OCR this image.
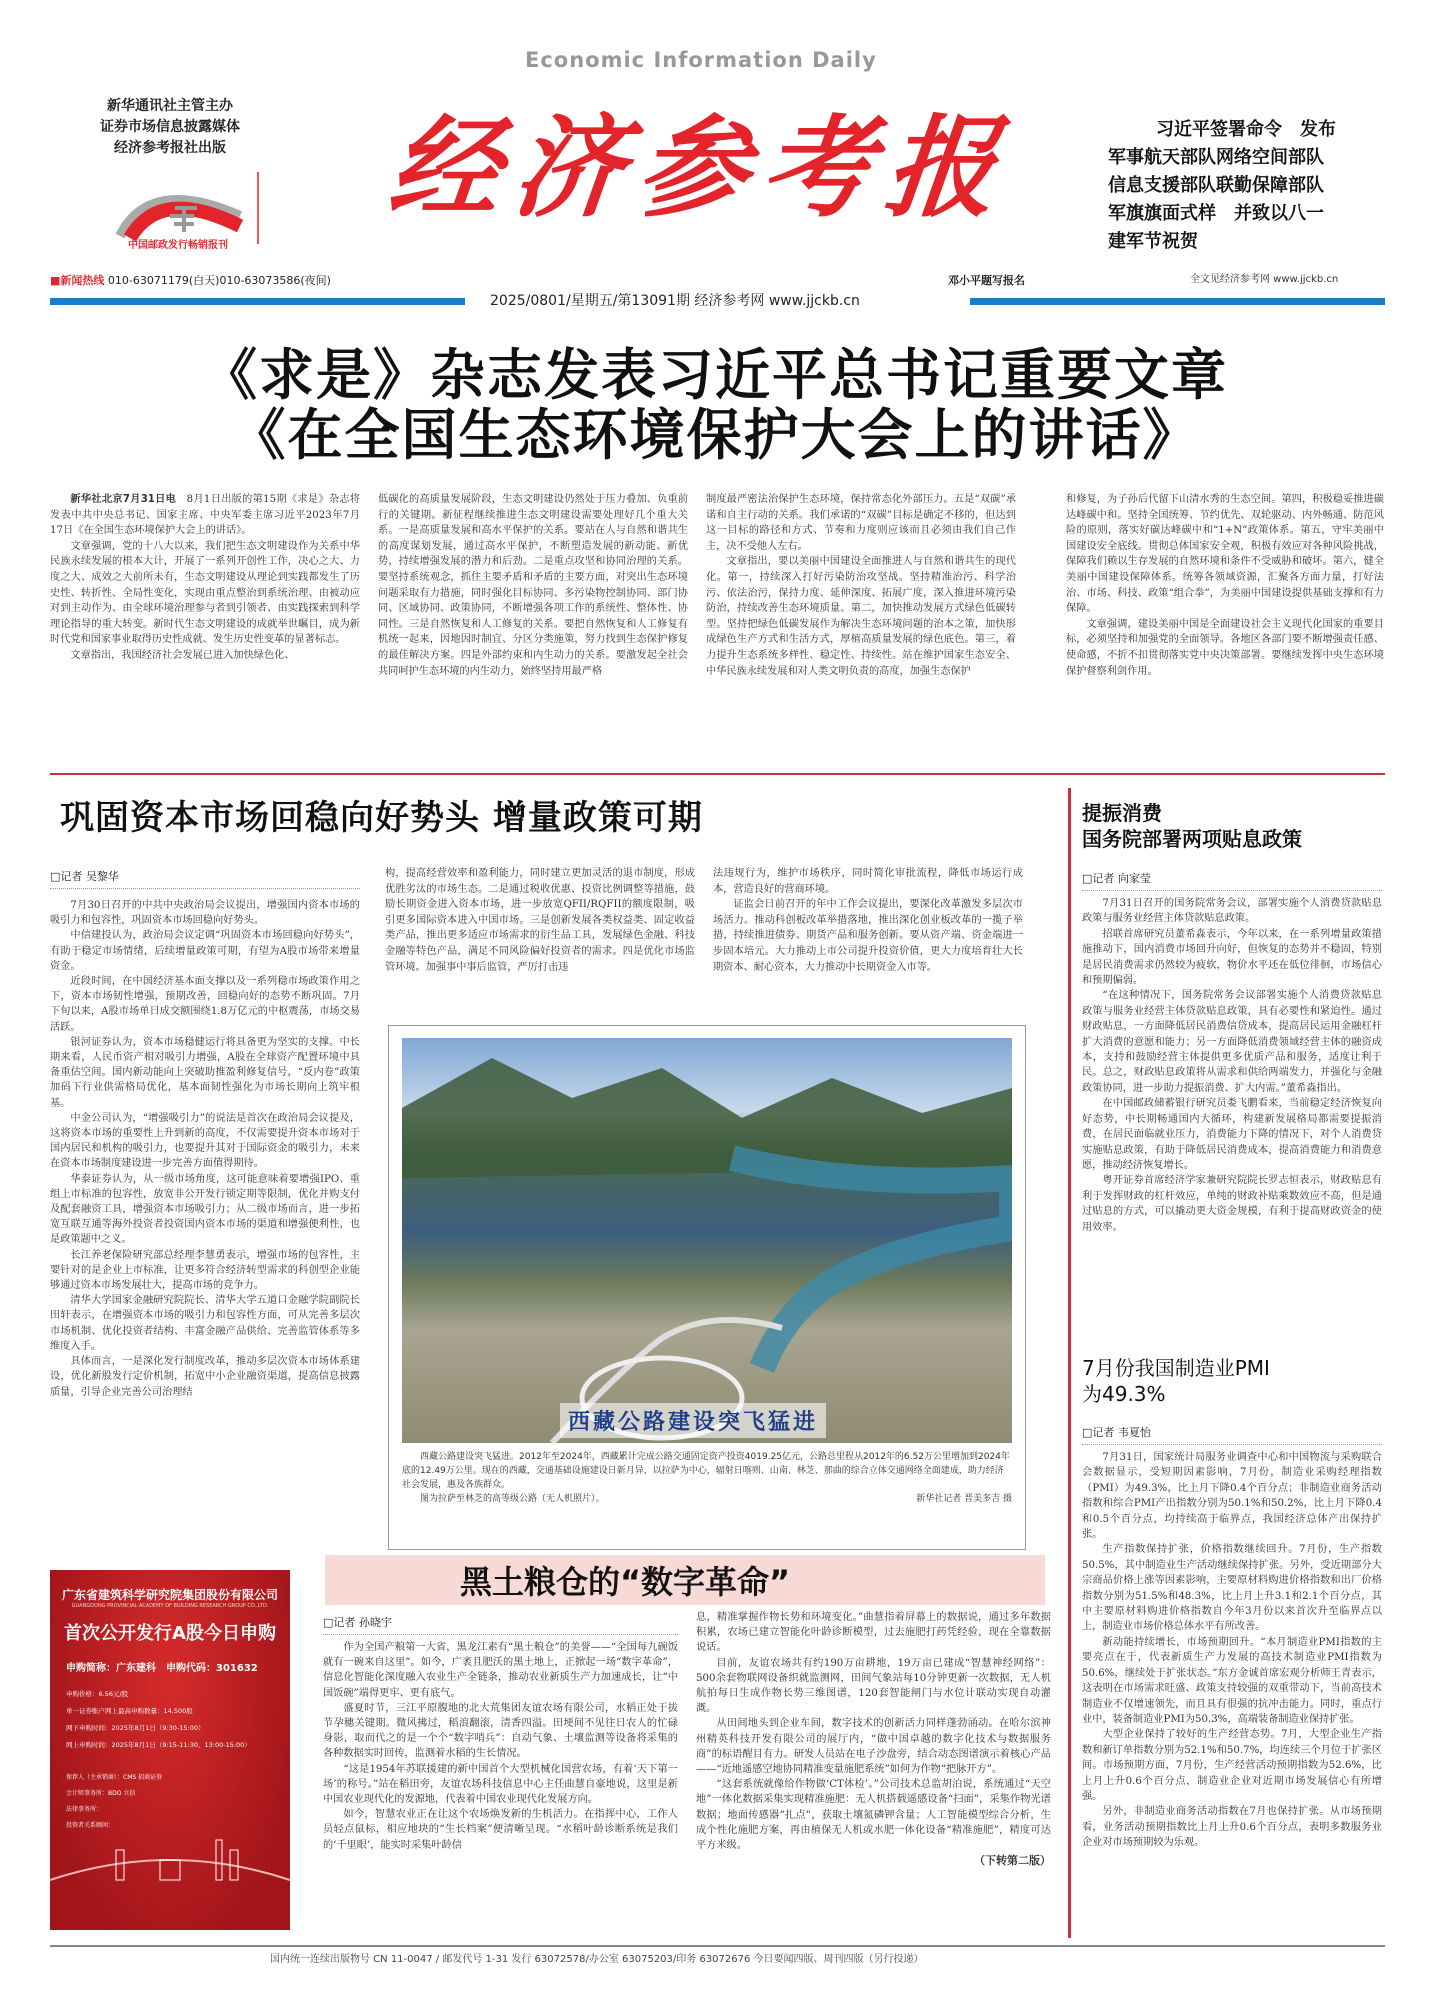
Economic Information Daily
新华通讯社主管主办
证券市场信息披露媒体
经济参考报社出版
中国邮政发行畅销报刊
经济参考报
邓小平题写报名
■新闻热线 010-63071179(白天)010-63073586(夜间)
2025/0801/星期五/第13091期 经济参考网 www.jjckb.cn
习近平签署命令　发布
军事航天部队网络空间部队
信息支援部队联勤保障部队
军旗旗面式样　并致以八一
建军节祝贺
全文见经济参考网 www.jjckb.cn
《求是》杂志发表习近平总书记重要文章
《在全国生态环境保护大会上的讲话》

新华社北京7月31日电　 8月1日出版的第15期《求是》杂志将发表中共中央总书记、国家主席、中央军委主席习近平2023年7月17日《在全国生态环境保护大会上的讲话》。

文章强调，党的十八大以来，我们把生态文明建设作为关系中华民族永续发展的根本大计，开展了一系列开创性工作，决心之大、力度之大、成效之大前所未有，生态文明建设从理论到实践都发生了历史性、转折性、全局性变化，实现由重点整治到系统治理、由被动应对到主动作为、由全球环境治理参与者到引领者、由实践探索到科学理论指导的重大转变。新时代生态文明建设的成就举世瞩目，成为新时代党和国家事业取得历史性成就、发生历史性变革的显著标志。

文章指出，我国经济社会发展已进入加快绿色化、

低碳化的高质量发展阶段，生态文明建设仍然处于压力叠加、负重前行的关键期。新征程继续推进生态文明建设需要处理好几个重大关系。一是高质量发展和高水平保护的关系。要站在人与自然和谐共生的高度谋划发展，通过高水平保护，不断塑造发展的新动能、新优势，持续增强发展的潜力和后劲。二是重点攻坚和协同治理的关系。要坚持系统观念，抓住主要矛盾和矛盾的主要方面，对突出生态环境问题采取有力措施，同时强化目标协同、多污染物控制协同、部门协同、区域协同、政策协同，不断增强各项工作的系统性、整体性、协同性。三是自然恢复和人工修复的关系。要把自然恢复和人工修复有机统一起来，因地因时制宜、分区分类施策，努力找到生态保护修复的最佳解决方案。四是外部约束和内生动力的关系。要激发起全社会共同呵护生态环境的内生动力，始终坚持用最严格

制度最严密法治保护生态环境，保持常态化外部压力。五是“双碳”承诺和自主行动的关系。我们承诺的“双碳”目标是确定不移的，但达到这一目标的路径和方式、节奏和力度则应该而且必须由我们自己作主，决不受他人左右。

文章指出，要以美丽中国建设全面推进人与自然和谐共生的现代化。第一，持续深入打好污染防治攻坚战。坚持精准治污、科学治污、依法治污，保持力度、延伸深度、拓展广度，深入推进环境污染防治，持续改善生态环境质量。第二，加快推动发展方式绿色低碳转型。坚持把绿色低碳发展作为解决生态环境问题的治本之策，加快形成绿色生产方式和生活方式，厚植高质量发展的绿色底色。第三，着力提升生态系统多样性、稳定性、持续性。站在维护国家生态安全、中华民族永续发展和对人类文明负责的高度，加强生态保护

和修复，为子孙后代留下山清水秀的生态空间。第四，积极稳妥推进碳达峰碳中和。坚持全国统筹、节约优先、双轮驱动、内外畅通、防范风险的原则，落实好碳达峰碳中和“1+N”政策体系。第五，守牢美丽中国建设安全底线。贯彻总体国家安全观，积极有效应对各种风险挑战，保障我们赖以生存发展的自然环境和条件不受威胁和破坏。第六，健全美丽中国建设保障体系。统筹各领域资源，汇聚各方面力量，打好法治、市场、科技、政策“组合拳”，为美丽中国建设提供基础支撑和有力保障。

文章强调，建设美丽中国是全面建设社会主义现代化国家的重要目标，必须坚持和加强党的全面领导。各地区各部门要不断增强责任感、使命感，不折不扣贯彻落实党中央决策部署。要继续发挥中央生态环境保护督察利剑作用。

巩固资本市场回稳向好势头 增量政策可期
□记者 吴黎华

7月30日召开的中共中央政治局会议提出，增强国内资本市场的吸引力和包容性，巩固资本市场回稳向好势头。

中信建投认为，政治局会议定调“巩固资本市场回稳向好势头”，有助于稳定市场情绪，后续增量政策可期，有望为A股市场带来增量资金。

近段时间，在中国经济基本面支撑以及一系列稳市场政策作用之下，资本市场韧性增强，预期改善，回稳向好的态势不断巩固。7月下旬以来，A股市场单日成交额围绕1.8万亿元的中枢震荡，市场交易活跃。

银河证券认为，资本市场稳健运行将具备更为坚实的支撑。中长期来看，人民币资产相对吸引力增强，A股在全球资产配置环境中具备重估空间。国内新动能向上突破助推盈利修复信号，“反内卷”政策加码下行业供需格局优化，基本面韧性强化为市场长期向上筑牢根基。

中金公司认为，“增强吸引力”的说法是首次在政治局会议提及，这将资本市场的重要性上升到新的高度，不仅需要提升资本市场对于国内居民和机构的吸引力，也要提升其对于国际资金的吸引力，未来在资本市场制度建设进一步完善方面值得期待。

华泰证券认为，从一级市场角度，这可能意味着要增强IPO、重组上市标准的包容性，放宽非公开发行锁定期等限制，优化并购支付及配套融资工具，增强资本市场吸引力；从二级市场而言，进一步拓宽互联互通等海外投资者投资国内资本市场的渠道和增强便利性，也是政策题中之义。

长江养老保险研究部总经理李慧勇表示，增强市场的包容性，主要针对的是企业上市标准，让更多符合经济转型需求的科创型企业能够通过资本市场发展壮大，提高市场的竞争力。

清华大学国家金融研究院院长、清华大学五道口金融学院副院长田轩表示，在增强资本市场的吸引力和包容性方面，可从完善多层次市场机制、优化投资者结构、丰富金融产品供给、完善监管体系等多维度入手。

具体而言，一是深化发行制度改革，推动多层次资本市场体系建设，优化新股发行定价机制，拓宽中小企业融资渠道，提高信息披露质量，引导企业完善公司治理结

构，提高经营效率和盈利能力，同时建立更加灵活的退市制度，形成优胜劣汰的市场生态。二是通过税收优惠、投资比例调整等措施，鼓励长期资金进入资本市场，进一步放宽QFII/RQFII的额度限制，吸引更多国际资本进入中国市场。三是创新发展各类权益类、固定收益类产品，推出更多适应市场需求的衍生品工具，发展绿色金融、科技金融等特色产品，满足不同风险偏好投资者的需求。四是优化市场监管环境。加强事中事后监管，严厉打击违

法违规行为，维护市场秩序，同时简化审批流程，降低市场运行成本，营造良好的营商环境。

证监会日前召开的年中工作会议提出，要深化改革激发多层次市场活力。推动科创板改革举措落地，推出深化创业板改革的一揽子举措，持续推进债券、期货产品和服务创新。要从资产端、资金端进一步固本培元。大力推动上市公司提升投资价值，更大力度培育壮大长期资本、耐心资本，大力推动中长期资金入市等。

西藏公路建设突飞猛进

西藏公路建设突飞猛进。2012年至2024年，西藏累计完成公路交通固定资产投资4019.25亿元，公路总里程从2012年的6.52万公里增加到2024年底的12.49万公里。现在的西藏，交通基础设施建设日新月异，以拉萨为中心，辐射日喀则、山南、林芝、那曲的综合立体交通网络全面建成，助力经济社会发展，惠及各族群众。

图为拉萨至林芝的高等级公路（无人机照片）。	新华社记者 晋美多吉 摄

广东省建筑科学研究院集团股份有限公司
GUANGDONG PROVINCIAL ACADEMY OF BUILDING RESEARCH GROUP CO.,LTD.
首次公开发行A股今日申购
申购简称：广东建科　 申购代码：301632
申购价格：6.56元/股
单一证券账户网上最高申购数量：14,500股
网下申购时间：2025年8月1日（9:30-15:00）
网上申购时间：2025年8月1日（9:15-11:30、13:00-15:00）
保荐人（主承销商）：CMS 招商证券
会计师事务所：BDO 立信
法律事务所：
投资者关系顾问：
黑土粮仓的“数字革命”
□记者 孙晓宇

作为全国产粮第一大省，黑龙江素有“黑土粮仓”的美誉——“全国每九碗饭就有一碗来自这里”。如今，广袤且肥沃的黑土地上，正掀起一场“数字革命”，信息化智能化深度融入农业生产全链条，推动农业新质生产力加速成长，让“中国饭碗”端得更牢、更有底气。

盛夏时节，三江平原腹地的北大荒集团友谊农场有限公司，水稻正处于拔节孕穗关键期。微风拂过，稻浪翻滚，清香四溢。田埂间不见往日农人的忙碌身影，取而代之的是一个个“数字哨兵”：自动气象、土壤监测等设备将采集的各种数据实时回传，监测着水稻的生长情况。

“这是1954年苏联援建的新中国首个大型机械化国营农场，有着‘天下第一场’的称号。”站在稻田旁，友谊农场科技信息中心主任曲慧自豪地说，这里是新中国农业现代化的发源地，代表着中国农业现代化发展方向。

如今，智慧农业正在让这个农场焕发新的生机活力。在指挥中心，工作人员轻点鼠标，相应地块的“生长档案”便清晰呈现。“水稻叶龄诊断系统是我们的‘千里眼’，能实时采集叶龄信

息，精准掌握作物长势和环境变化。”曲慧指着屏幕上的数据说，通过多年数据积累，农场已建立智能化叶龄诊断模型，过去施肥打药凭经验，现在全靠数据说话。

目前，友谊农场共有约190万亩耕地，19万亩已建成“智慧神经网络”：500余套物联网设备织就监测网，田间气象站每10分钟更新一次数据，无人机航拍每日生成作物长势三维图谱，120套智能闸门与水位计联动实现自动灌溉。

从田间地头到企业车间，数字技术的创新活力同样蓬勃涌动。在哈尔滨神州精英科技开发有限公司的展厅内，“做中国卓越的数字化技术与数据服务商”的标语醒目有力。研发人员站在电子沙盘旁，结合动态图谱演示着核心产品——“近地遥感空地协同精准变量施肥系统”如何为作物“把脉开方”。

“这套系统就像给作物做‘CT体检’。”公司技术总监胡泊说，系统通过“天空地”一体化数据采集实现精准施肥：无人机搭载遥感设备“扫面”，采集作物光谱数据；地面传感器“扎点”，获取土壤氮磷钾含量；人工智能模型综合分析，生成个性化施肥方案，再由植保无人机或水肥一体化设备“精准施肥”，精度可达平方米级。

（下转第二版）
提振消费
国务院部署两项贴息政策
□记者 向家莹

7月31日召开的国务院常务会议，部署实施个人消费贷款贴息政策与服务业经营主体贷款贴息政策。

招联首席研究员董希淼表示，今年以来，在一系列增量政策措施推动下，国内消费市场回升向好，但恢复的态势并不稳固，特别是居民消费需求仍然较为疲软，物价水平还在低位徘徊，市场信心和预期偏弱。

“在这种情况下，国务院常务会议部署实施个人消费贷款贴息政策与服务业经营主体贷款贴息政策，具有必要性和紧迫性。通过财政贴息，一方面降低居民消费信贷成本，提高居民运用金融杠杆扩大消费的意愿和能力；另一方面降低消费领域经营主体的融资成本，支持和鼓励经营主体提供更多优质产品和服务，适度让利于民。总之，财政贴息政策将从需求和供给两端发力，并强化与金融政策协同，进一步助力提振消费、扩大内需。”董希淼指出。

在中国邮政储蓄银行研究员娄飞鹏看来，当前稳定经济恢复向好态势，中长期畅通国内大循环，构建新发展格局都需要提振消费，在居民面临就业压力，消费能力下降的情况下，对个人消费贷实施贴息政策，有助于降低居民消费成本，提高消费能力和消费意愿，推动经济恢复增长。

粤开证券首席经济学家兼研究院院长罗志恒表示，财政贴息有利于发挥财政的杠杆效应，单纯的财政补贴乘数效应不高，但是通过贴息的方式，可以撬动更大资金规模，有利于提高财政资金的使用效率。

7月份我国制造业PMI
为49.3%
□记者 韦夏怡

7月31日，国家统计局服务业调查中心和中国物流与采购联合会数据显示，受短期因素影响，7月份，制造业采购经理指数（PMI）为49.3%，比上月下降0.4个百分点；非制造业商务活动指数和综合PMI产出指数分别为50.1%和50.2%，比上月下降0.4和0.5个百分点，均持续高于临界点，我国经济总体产出保持扩张。

生产指数保持扩张，价格指数继续回升。7月份，生产指数50.5%，其中制造业生产活动继续保持扩张。另外，受近期部分大宗商品价格上涨等因素影响，主要原材料购进价格指数和出厂价格指数分别为51.5%和48.3%，比上月上升3.1和2.1个百分点，其中主要原材料购进价格指数自今年3月份以来首次升至临界点以上，制造业市场价格总体水平有所改善。

新动能持续增长，市场预期回升。“本月制造业PMI指数的主要亮点在于，代表新质生产力发展的高技术制造业PMI指数为50.6%，继续处于扩张状态。”东方金诚首席宏观分析师王青表示，这表明在市场需求旺盛、政策支持较强的双重带动下，当前高技术制造业不仅增速领先，而且具有很强的抗冲击能力。同时，重点行业中，装备制造业PMI为50.3%，高端装备制造业保持扩张。

大型企业保持了较好的生产经营态势。7月，大型企业生产指数和新订单指数分别为52.1%和50.7%，均连续三个月位于扩张区间。市场预期方面，7月份，生产经营活动预期指数为52.6%，比上月上升0.6个百分点，制造业企业对近期市场发展信心有所增强。

另外，非制造业商务活动指数在7月也保持扩张。从市场预期看，业务活动预期指数比上月上升0.6个百分点，表明多数服务业企业对市场预期较为乐观。

国内统一连续出版物号 CN 11-0047 / 邮发代号 1-31 发行 63072578/办公室 63075203/印务 63072676 今日要闻四版、周刊四版（另行投递）
